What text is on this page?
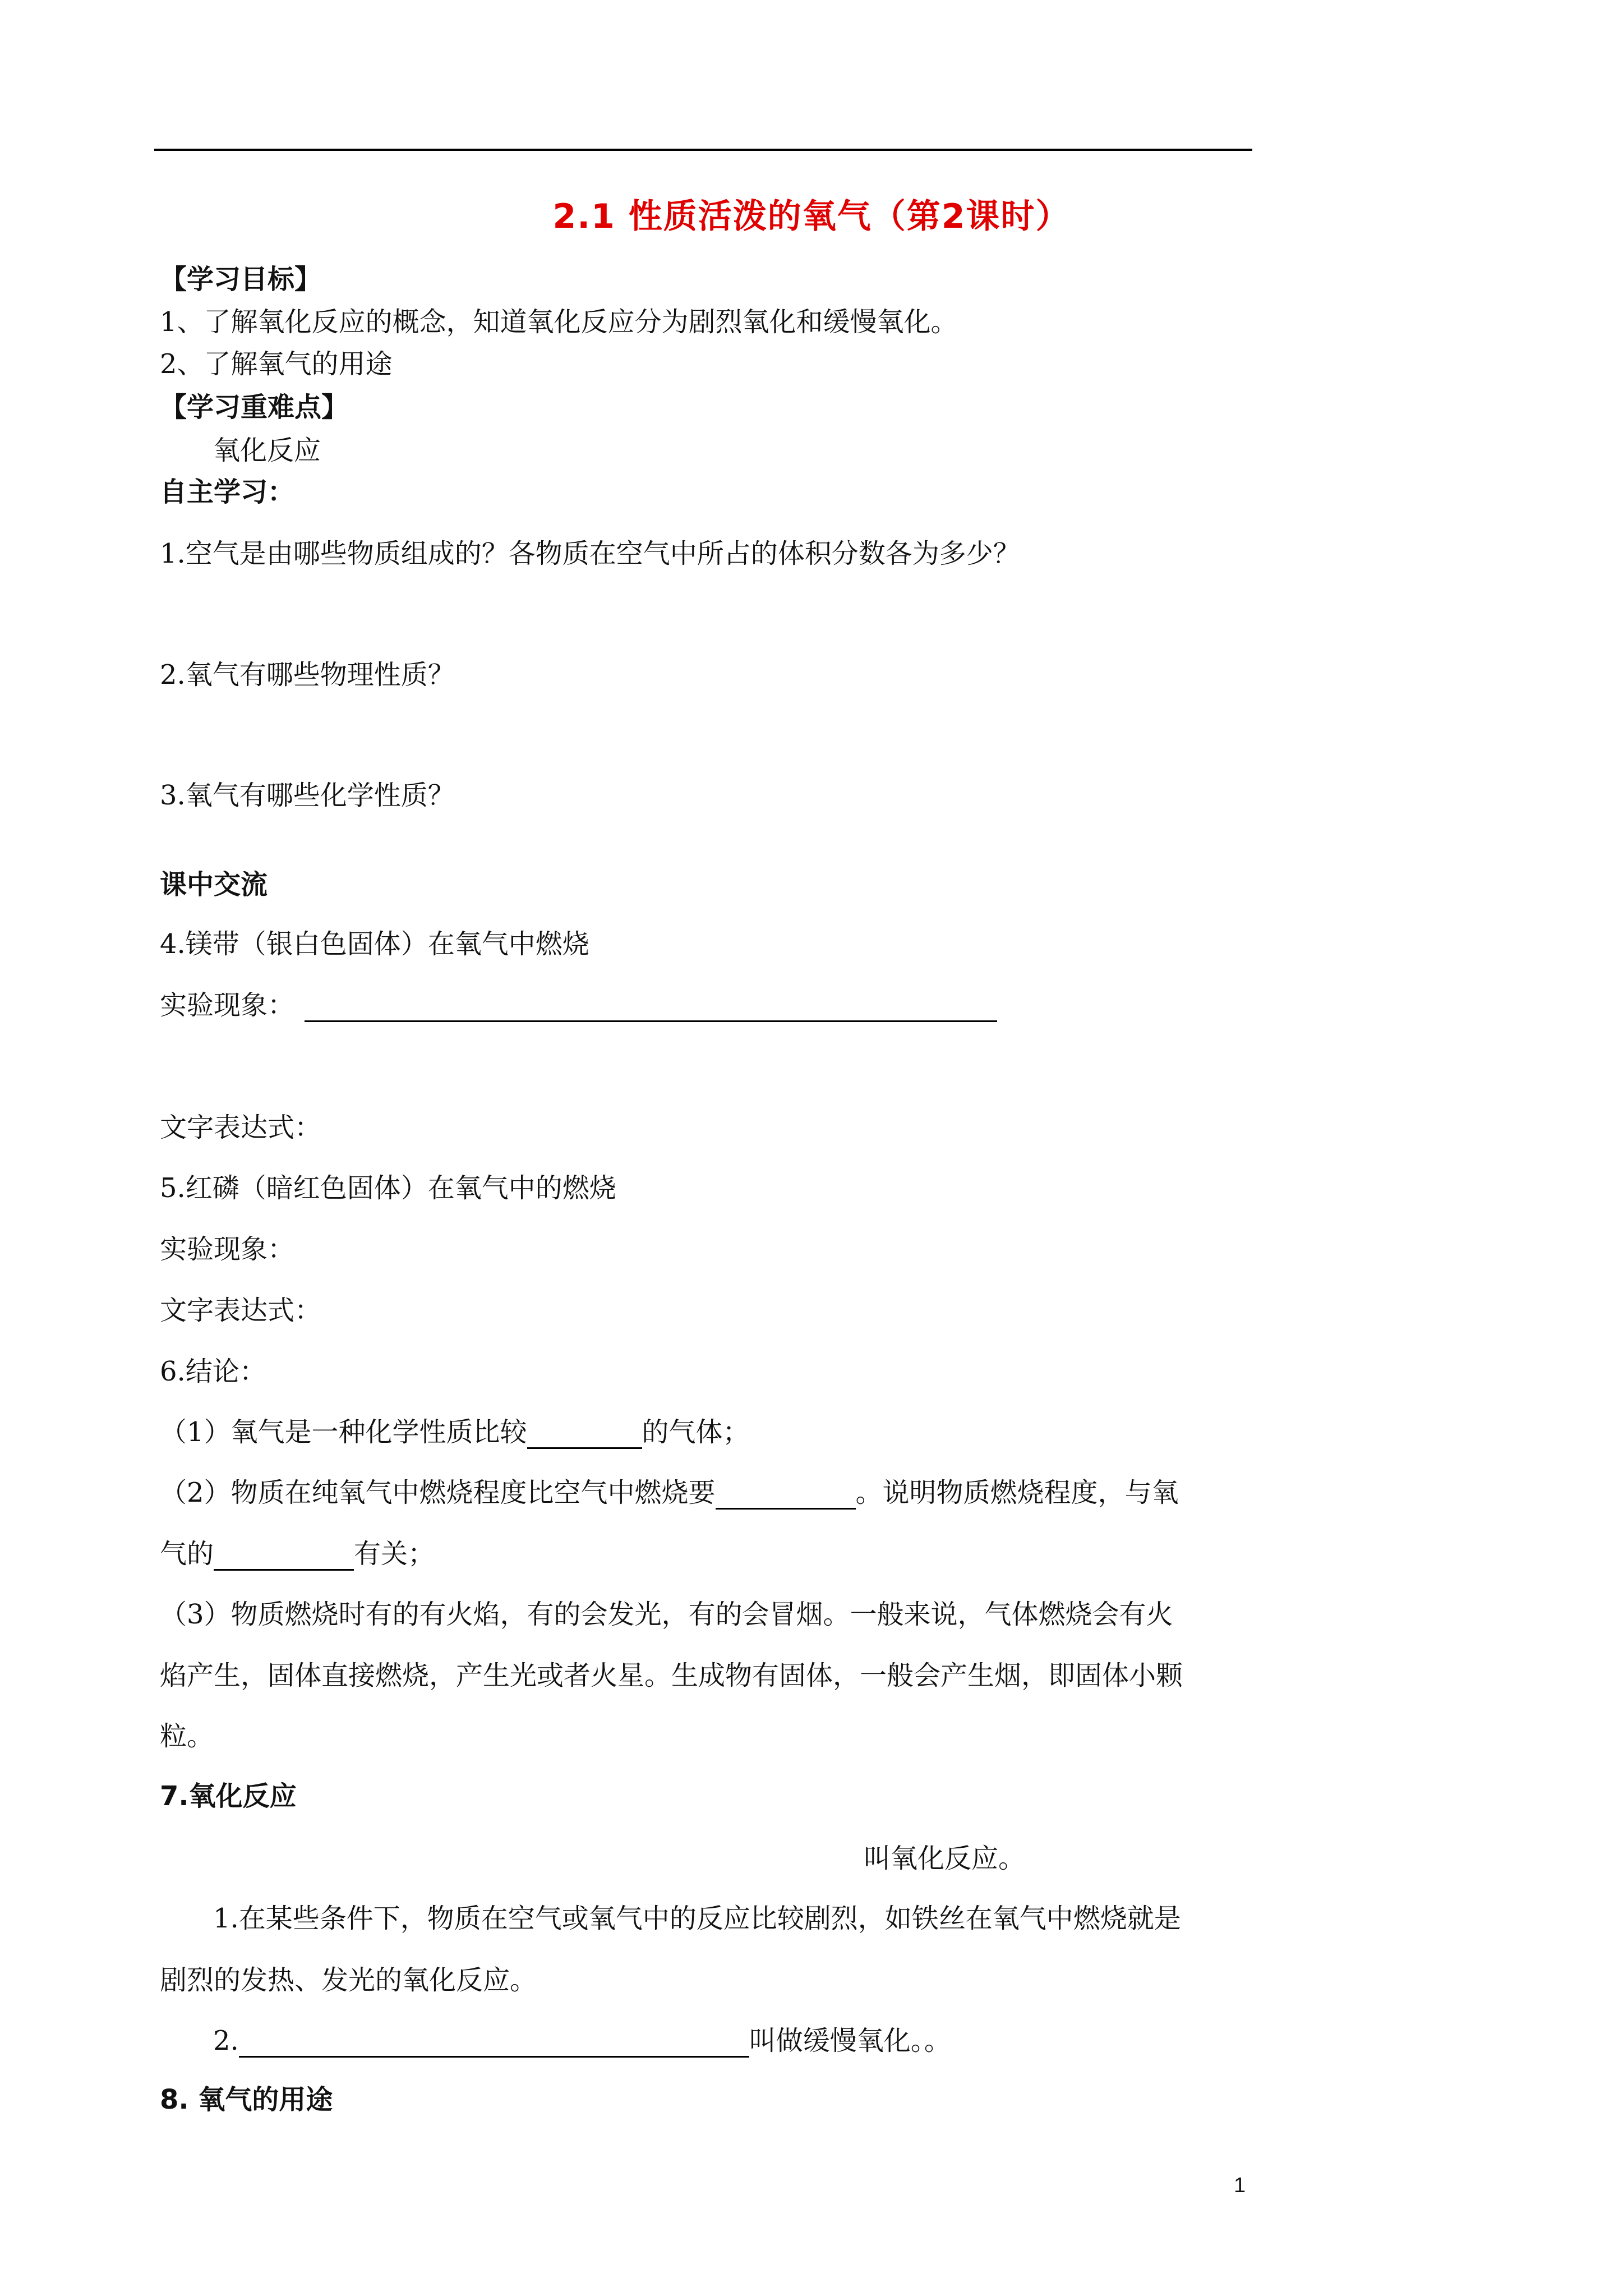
2.1 性质活泼的氧气（第2课时）
【学习目标】
1、了解氧化反应的概念，知道氧化反应分为剧烈氧化和缓慢氧化。
2、了解氧气的用途
【学习重难点】
氧化反应
自主学习：
1.空气是由哪些物质组成的？各物质在空气中所占的体积分数各为多少？
2.氧气有哪些物理性质？
3.氧气有哪些化学性质？
课中交流
4.镁带（银白色固体）在氧气中燃烧
实验现象：
文字表达式：
5.红磷（暗红色固体）在氧气中的燃烧
实验现象：
文字表达式：
6.结论：
（1）氧气是一种化学性质比较	的气体；
（2）物质在纯氧气中燃烧程度比空气中燃烧要	。说明物质燃烧程度，与氧
气的	有关；
（3）物质燃烧时有的有火焰，有的会发光，有的会冒烟。一般来说，气体燃烧会有火
焰产生，固体直接燃烧，产生光或者火星。生成物有固体，一般会产生烟，即固体小颗
粒。
7.氧化反应
叫氧化反应。
1.在某些条件下，物质在空气或氧气中的反应比较剧烈，如铁丝在氧气中燃烧就是
剧烈的发热、发光的氧化反应。
2.	叫做缓慢氧化。。
8. 氧气的用途
1
